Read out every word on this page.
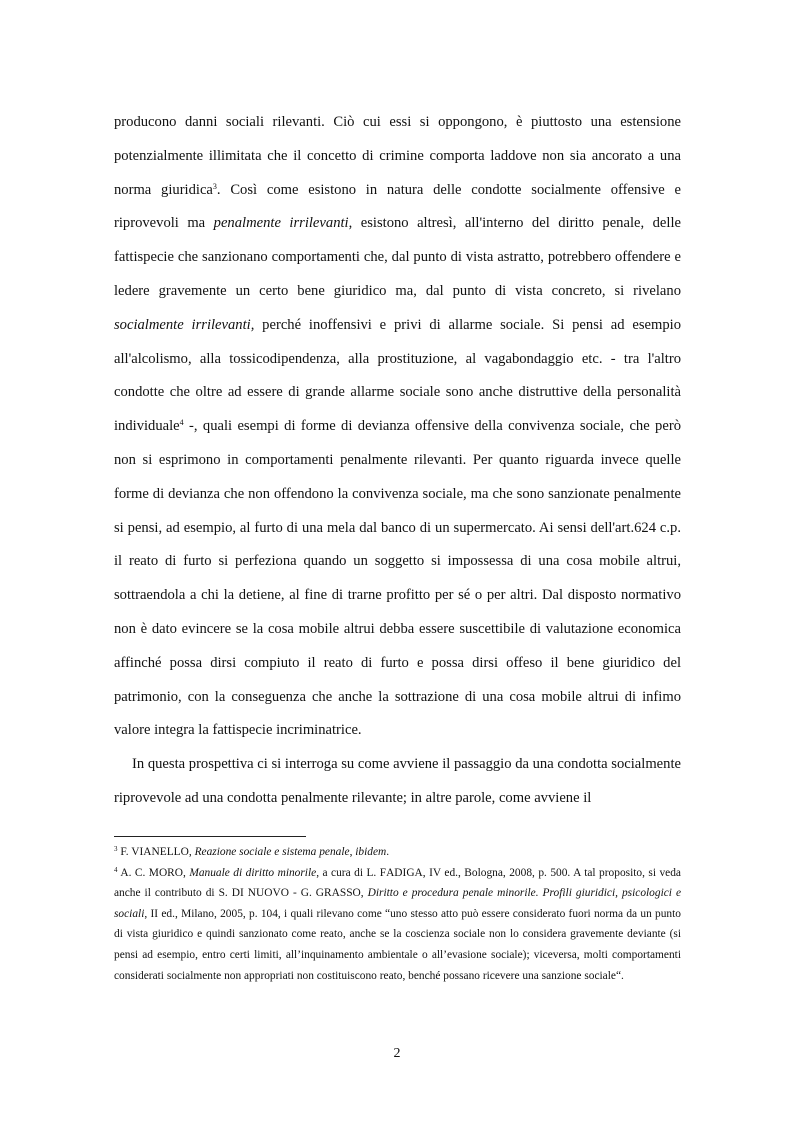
producono danni sociali rilevanti. Ciò cui essi si oppongono, è piuttosto una estensione potenzialmente illimitata che il concetto di crimine comporta laddove non sia ancorato a una norma giuridica$^3$. Così come esistono in natura delle condotte socialmente offensive e riprovevoli ma penalmente irrilevanti, esistono altresì, all'interno del diritto penale, delle fattispecie che sanzionano comportamenti che, dal punto di vista astratto, potrebbero offendere e ledere gravemente un certo bene giuridico ma, dal punto di vista concreto, si rivelano socialmente irrilevanti, perché inoffensivi e privi di allarme sociale. Si pensi ad esempio all'alcolismo, alla tossicodipendenza, alla prostituzione, al vagabondaggio etc. - tra l'altro condotte che oltre ad essere di grande allarme sociale sono anche distruttive della personalità individuale$^4$ -, quali esempi di forme di devianza offensive della convivenza sociale, che però non si esprimono in comportamenti penalmente rilevanti. Per quanto riguarda invece quelle forme di devianza che non offendono la convivenza sociale, ma che sono sanzionate penalmente si pensi, ad esempio, al furto di una mela dal banco di un supermercato. Ai sensi dell'art.624 c.p. il reato di furto si perfeziona quando un soggetto si impossessa di una cosa mobile altrui, sottraendola a chi la detiene, al fine di trarne profitto per sé o per altri. Dal disposto normativo non è dato evincere se la cosa mobile altrui debba essere suscettibile di valutazione economica affinché possa dirsi compiuto il reato di furto e possa dirsi offeso il bene giuridico del patrimonio, con la conseguenza che anche la sottrazione di una cosa mobile altrui di infimo valore integra la fattispecie incriminatrice.

In questa prospettiva ci si interroga su come avviene il passaggio da una condotta socialmente riprovevole ad una condotta penalmente rilevante; in altre parole, come avviene il

$^3$ F. VIANELLO, Reazione sociale e sistema penale, ibidem.

$^4$ A. C. MORO, Manuale di diritto minorile, a cura di L. FADIGA, IV ed., Bologna, 2008, p. 500. A tal proposito, si veda anche il contributo di S. DI NUOVO - G. GRASSO, Diritto e procedura penale minorile. Profili giuridici, psicologici e sociali, II ed., Milano, 2005, p. 104, i quali rilevano come “uno stesso atto può essere considerato fuori norma da un punto di vista giuridico e quindi sanzionato come reato, anche se la coscienza sociale non lo considera gravemente deviante (si pensi ad esempio, entro certi limiti, all’inquinamento ambientale o all’evasione sociale); viceversa, molti comportamenti considerati socialmente non appropriati non costituiscono reato, benché possano ricevere una sanzione sociale“.

2
